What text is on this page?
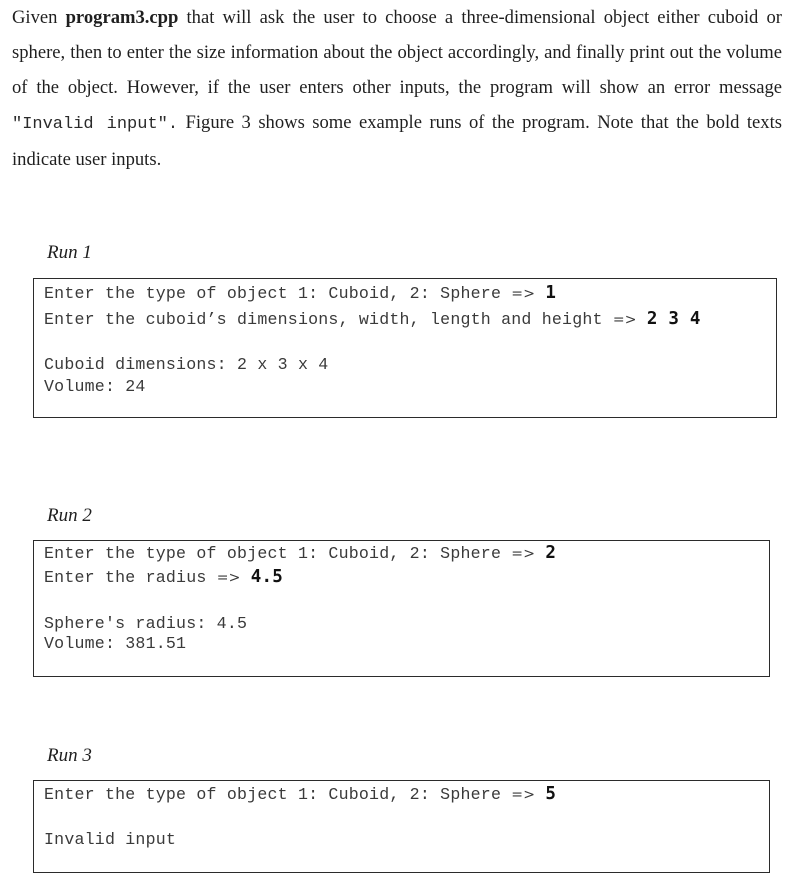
Given program3.cpp that will ask the user to choose a three-dimensional object either cuboid or sphere, then to enter the size information about the object accordingly, and finally print out the volume of the object. However, if the user enters other inputs, the program will show an error message "Invalid input". Figure 3 shows some example runs of the program. Note that the bold texts indicate user inputs.
Run 1
Enter the type of object 1: Cuboid, 2: Sphere => 1
Enter the cuboid’s dimensions, width, length and height => 2 3 4
Cuboid dimensions: 2 x 3 x 4
Volume: 24
Run 2
Enter the type of object 1: Cuboid, 2: Sphere => 2
Enter the radius => 4.5
Sphere's radius: 4.5
Volume: 381.51
Run 3
Enter the type of object 1: Cuboid, 2: Sphere => 5
Invalid input
